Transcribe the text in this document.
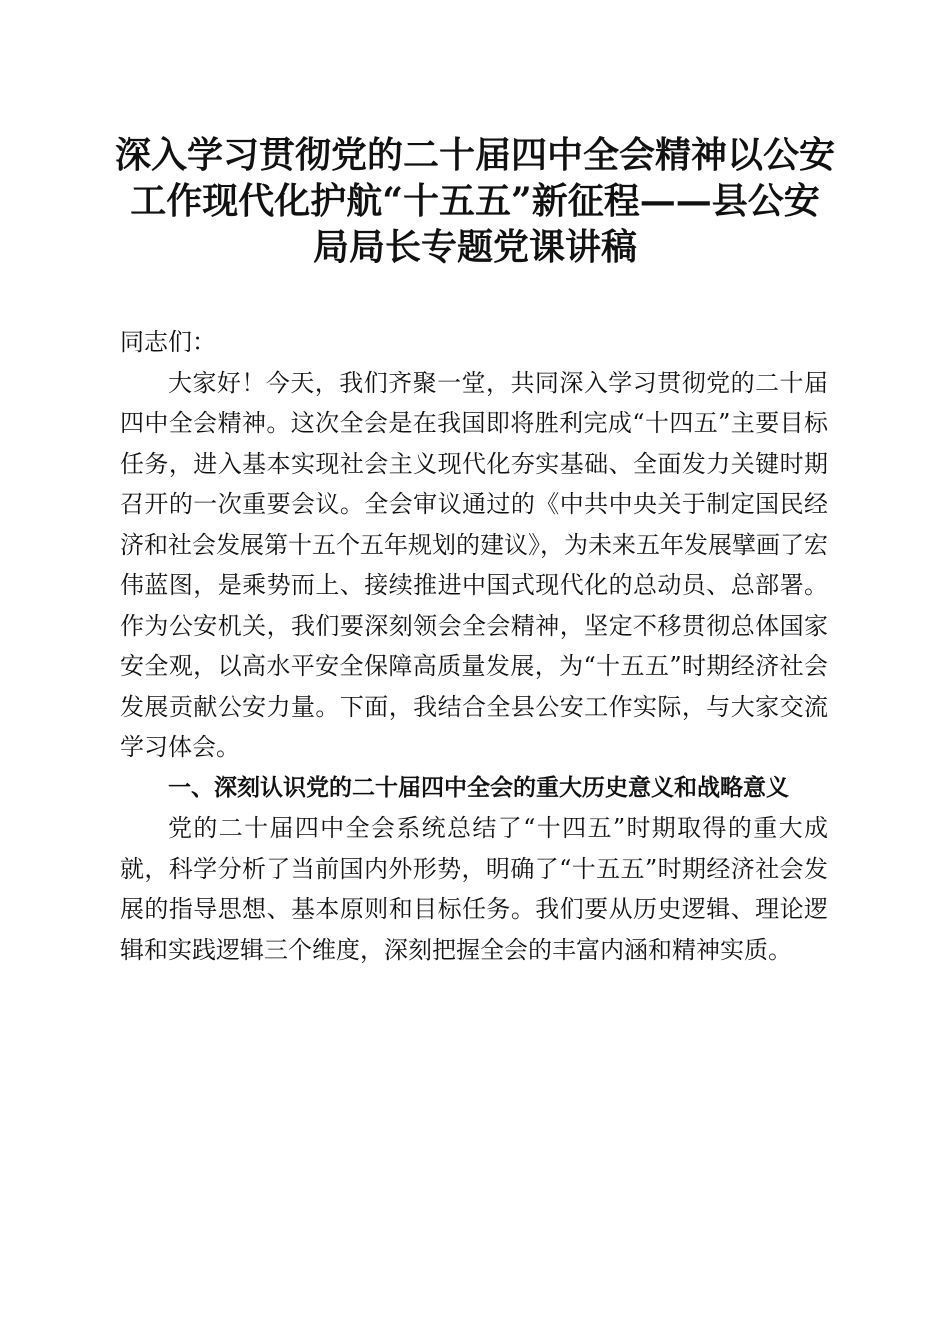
深入学习贯彻党的二十届四中全会精神以公安
工作现代化护航“十五五”新征程——县公安
局局长专题党课讲稿

同志们：

大家好！今天，我们齐聚一堂，共同深入学习贯彻党的二十届四中全会精神。这次全会是在我国即将胜利完成“十四五”主要目标任务，进入基本实现社会主义现代化夯实基础、全面发力关键时期召开的一次重要会议。全会审议通过的《中共中央关于制定国民经济和社会发展第十五个五年规划的建议》，为未来五年发展擘画了宏伟蓝图，是乘势而上、接续推进中国式现代化的总动员、总部署。作为公安机关，我们要深刻领会全会精神，坚定不移贯彻总体国家安全观，以高水平安全保障高质量发展，为“十五五”时期经济社会发展贡献公安力量。下面，我结合全县公安工作实际，与大家交流学习体会。

一、深刻认识党的二十届四中全会的重大历史意义和战略意义

党的二十届四中全会系统总结了“十四五”时期取得的重大成就，科学分析了当前国内外形势，明确了“十五五”时期经济社会发展的指导思想、基本原则和目标任务。我们要从历史逻辑、理论逻辑和实践逻辑三个维度，深刻把握全会的丰富内涵和精神实质。
